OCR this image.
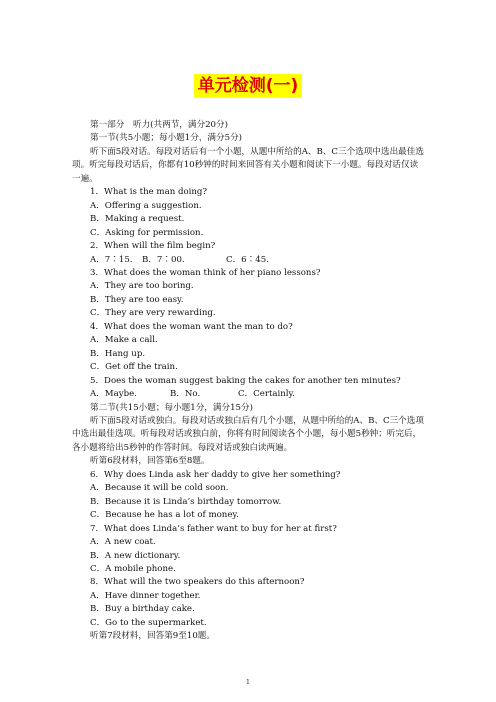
单元检测(一)
第一部分　听力(共两节，满分20分)
第一节(共5小题；每小题1分，满分5分)
听下面5段对话。每段对话后有一个小题，从题中所给的A、B、C三个选项中选出最佳选项。听完每段对话后，你都有10秒钟的时间来回答有关小题和阅读下一小题。每段对话仅读一遍。
1．What is the man doing?
A．Offering a suggestion.
B．Making a request.
C．Asking for permission.
2．When will the film begin?
A．7∶15.	B．7∶00.	C．6∶45.
3．What does the woman think of her piano lessons?
A．They are too boring.
B．They are too easy.
C．They are very rewarding.
4．What does the woman want the man to do?
A．Make a call.
B．Hang up.
C．Get off the train.
5．Does the woman suggest baking the cakes for another ten minutes?
A．Maybe.	B．No.	C．Certainly.
第二节(共15小题；每小题1分，满分15分)
听下面5段对话或独白。每段对话或独白后有几个小题，从题中所给的A、B、C三个选项中选出最佳选项。听每段对话或独白前，你将有时间阅读各个小题，每小题5秒钟；听完后，各小题将给出5秒钟的作答时间。每段对话或独白读两遍。
听第6段材料，回答第6至8题。
6．Why does Linda ask her daddy to give her something?
A．Because it will be cold soon.
B．Because it is Linda’s birthday tomorrow.
C．Because he has a lot of money.
7．What does Linda’s father want to buy for her at first?
A．A new coat.
B．A new dictionary.
C．A mobile phone.
8．What will the two speakers do this afternoon?
A．Have dinner together.
B．Buy a birthday cake.
C．Go to the supermarket.
听第7段材料，回答第9至10题。
1
